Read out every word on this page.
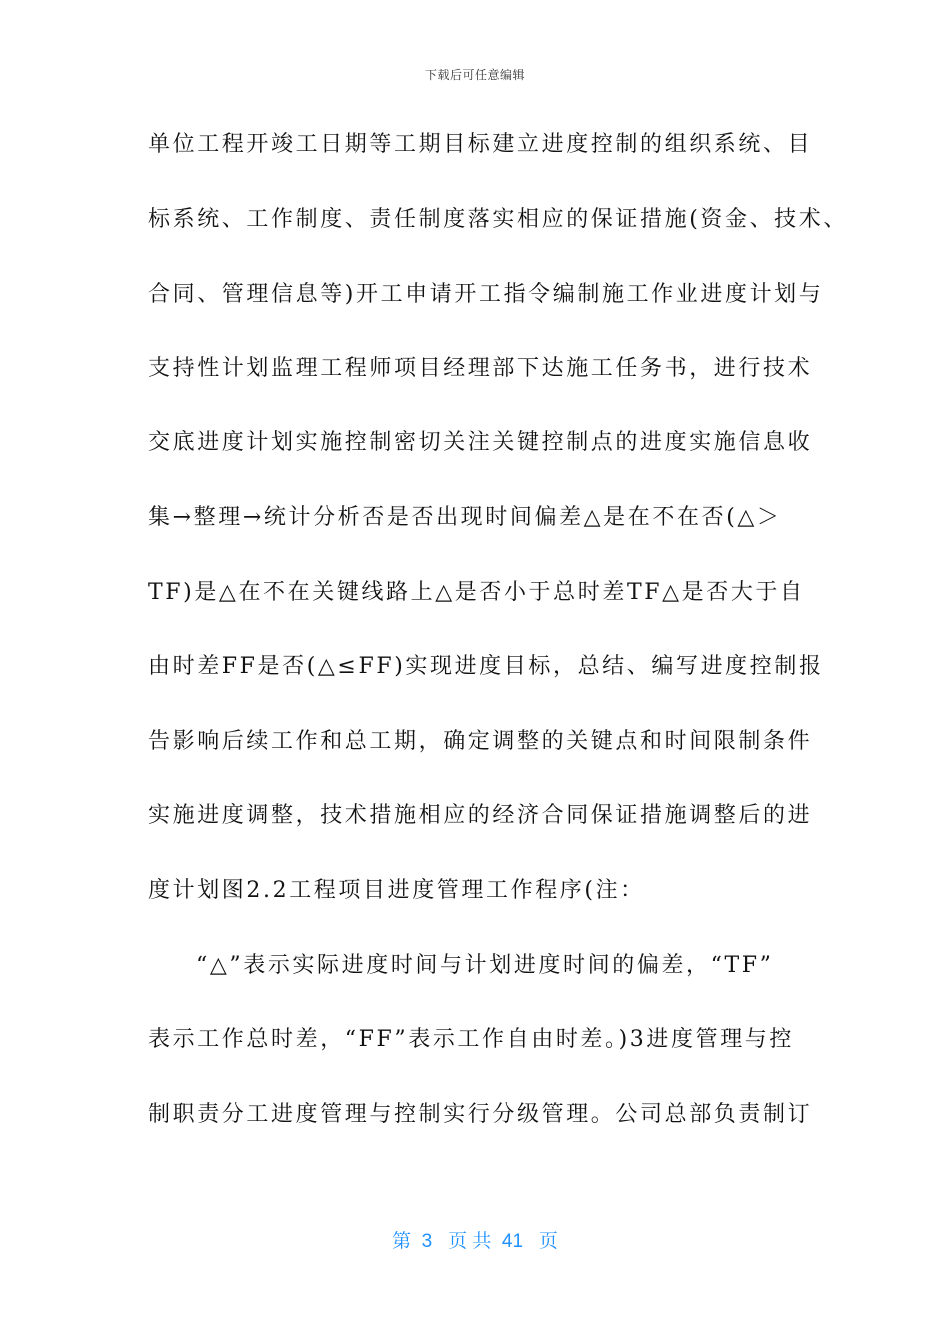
下载后可任意编辑
单位工程开竣工日期等工期目标建立进度控制的组织系统、目
标系统、工作制度、责任制度落实相应的保证措施(资金、技术、
合同、管理信息等)开工申请开工指令编制施工作业进度计划与
支持性计划监理工程师项目经理部下达施工任务书，进行技术
交底进度计划实施控制密切关注关键控制点的进度实施信息收
集→整理→统计分析否是否出现时间偏差△是在不在否(△＞
TF)是△在不在关键线路上△是否小于总时差TF△是否大于自
由时差FF是否(△≤FF)实现进度目标，总结、编写进度控制报
告影响后续工作和总工期，确定调整的关键点和时间限制条件
实施进度调整，技术措施相应的经济合同保证措施调整后的进
度计划图2.2工程项目进度管理工作程序(注：
“△”表示实际进度时间与计划进度时间的偏差，“TF”
表示工作总时差，“FF”表示工作自由时差。)3进度管理与控
制职责分工进度管理与控制实行分级管理。公司总部负责制订
第  3   页 共  41   页
